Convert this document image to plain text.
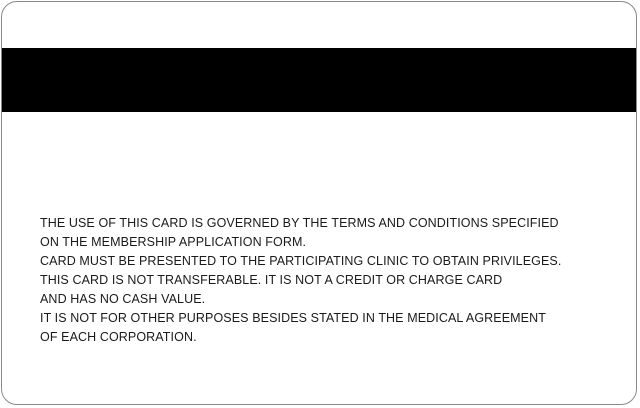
THE USE OF THIS CARD IS GOVERNED BY THE TERMS AND CONDITIONS SPECIFIED
ON THE MEMBERSHIP APPLICATION FORM.
CARD MUST BE PRESENTED TO THE PARTICIPATING CLINIC TO OBTAIN PRIVILEGES.
THIS CARD IS NOT TRANSFERABLE. IT IS NOT A CREDIT OR CHARGE CARD
AND HAS NO CASH VALUE.
IT IS NOT FOR OTHER PURPOSES BESIDES STATED IN THE MEDICAL AGREEMENT
OF EACH CORPORATION.
